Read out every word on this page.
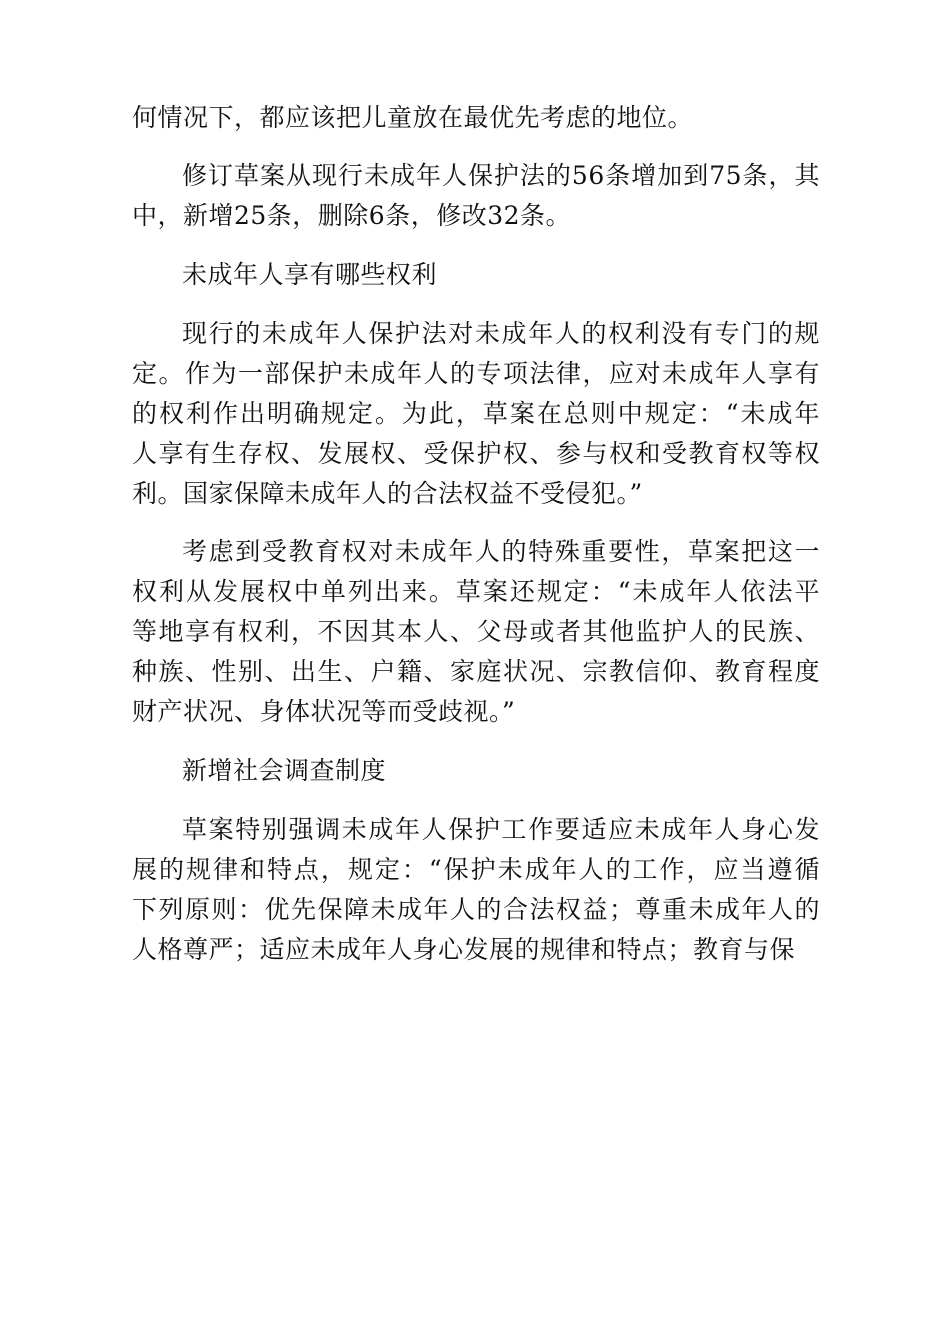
何情况下，都应该把儿童放在最优先考虑的地位。
修订草案从现行未成年人保护法的56条增加到75条，其
中，新增25条，删除6条，修改32条。
未成年人享有哪些权利
现行的未成年人保护法对未成年人的权利没有专门的规
定。作为一部保护未成年人的专项法律，应对未成年人享有
的权利作出明确规定。为此，草案在总则中规定：“未成年
人享有生存权、发展权、受保护权、参与权和受教育权等权
利。国家保障未成年人的合法权益不受侵犯。”
考虑到受教育权对未成年人的特殊重要性，草案把这一
权利从发展权中单列出来。草案还规定：“未成年人依法平
等地享有权利，不因其本人、父母或者其他监护人的民族、
种族、性别、出生、户籍、家庭状况、宗教信仰、教育程度
财产状况、身体状况等而受歧视。”
新增社会调查制度
草案特别强调未成年人保护工作要适应未成年人身心发
展的规律和特点，规定：“保护未成年人的工作，应当遵循
下列原则：优先保障未成年人的合法权益；尊重未成年人的
人格尊严；适应未成年人身心发展的规律和特点；教育与保
